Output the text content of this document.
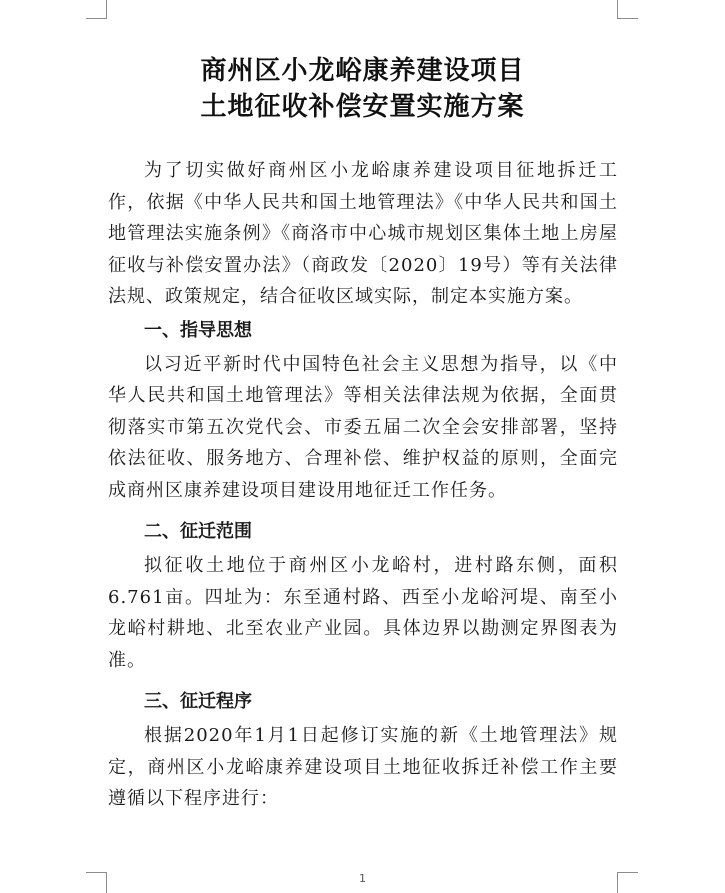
商州区小龙峪康养建设项目
土地征收补偿安置实施方案

为了切实做好商州区小龙峪康养建设项目征地拆迁工作，依据《中华人民共和国土地管理法》《中华人民共和国土地管理法实施条例》《商洛市中心城市规划区集体土地上房屋征收与补偿安置办法》（商政发〔2020〕19号）等有关法律法规、政策规定，结合征收区域实际，制定本实施方案。

一、指导思想

以习近平新时代中国特色社会主义思想为指导，以《中华人民共和国土地管理法》等相关法律法规为依据，全面贯彻落实市第五次党代会、市委五届二次全会安排部署，坚持依法征收、服务地方、合理补偿、维护权益的原则，全面完成商州区康养建设项目建设用地征迁工作任务。

二、征迁范围

拟征收土地位于商州区小龙峪村，进村路东侧，面积6.761亩。四址为：东至通村路、西至小龙峪河堤、南至小龙峪村耕地、北至农业产业园。具体边界以勘测定界图表为准。

三、征迁程序

根据2020年1月1日起修订实施的新《土地管理法》规定，商州区小龙峪康养建设项目土地征收拆迁补偿工作主要遵循以下程序进行：

1
